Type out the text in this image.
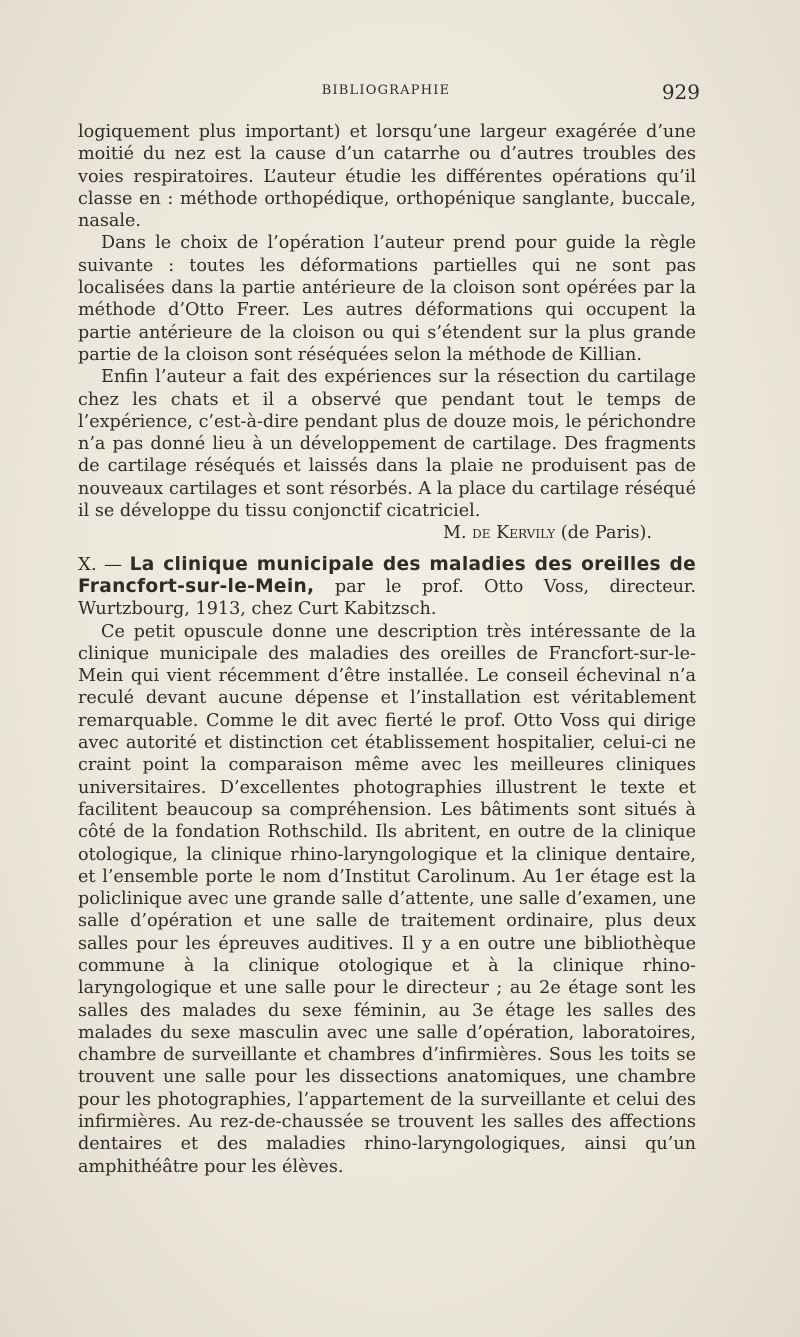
BIBLIOGRAPHIE	929

logiquement plus important) et lorsqu’une largeur exagérée d’une moitié du nez est la cause d’un catarrhe ou d’autres troubles des voies respiratoires. L’auteur étudie les différentes opérations qu’il classe en : méthode orthopédique, orthopénique sanglante, buccale, nasale.

Dans le choix de l’opération l’auteur prend pour guide la règle suivante : toutes les déformations partielles qui ne sont pas localisées dans la partie antérieure de la cloison sont opérées par la méthode d’Otto Freer. Les autres déformations qui occupent la partie antérieure de la cloison ou qui s’étendent sur la plus grande partie de la cloison sont réséquées selon la méthode de Killian.

Enfin l’auteur a fait des expériences sur la résection du cartilage chez les chats et il a observé que pendant tout le temps de l’expérience, c’est-à-dire pendant plus de douze mois, le périchondre n’a pas donné lieu à un développement de cartilage. Des fragments de cartilage réséqués et laissés dans la plaie ne produisent pas de nouveaux cartilages et sont résorbés. A la place du cartilage réséqué il se développe du tissu conjonctif cicatriciel.

M. de Kervily (de Paris).

X. — La clinique municipale des maladies des oreilles de Francfort-sur-le-Mein, par le prof. Otto Voss, directeur. Wurtzbourg, 1913, chez Curt Kabitzsch.

Ce petit opuscule donne une description très intéressante de la clinique municipale des maladies des oreilles de Francfort-sur-le-Mein qui vient récemment d’être installée. Le conseil échevinal n’a reculé devant aucune dépense et l’installation est véritablement remarquable. Comme le dit avec fierté le prof. Otto Voss qui dirige avec autorité et distinction cet établissement hospitalier, celui-ci ne craint point la comparaison même avec les meilleures cliniques universitaires. D’excellentes photographies illustrent le texte et facilitent beaucoup sa compréhension. Les bâtiments sont situés à côté de la fondation Rothschild. Ils abritent, en outre de la clinique otologique, la clinique rhino-laryngologique et la clinique dentaire, et l’ensemble porte le nom d’Institut Carolinum. Au 1er étage est la policlinique avec une grande salle d’attente, une salle d’examen, une salle d’opération et une salle de traitement ordinaire, plus deux salles pour les épreuves auditives. Il y a en outre une bibliothèque commune à la clinique otologique et à la clinique rhino-laryngologique et une salle pour le directeur ; au 2e étage sont les salles des malades du sexe féminin, au 3e étage les salles des malades du sexe masculin avec une salle d’opération, laboratoires, chambre de surveillante et chambres d’infirmières. Sous les toits se trouvent une salle pour les dissections anatomiques, une chambre pour les photographies, l’appartement de la surveillante et celui des infirmières. Au rez-de-chaussée se trouvent les salles des affections dentaires et des maladies rhino-laryngologiques, ainsi qu’un amphithéâtre pour les élèves.
